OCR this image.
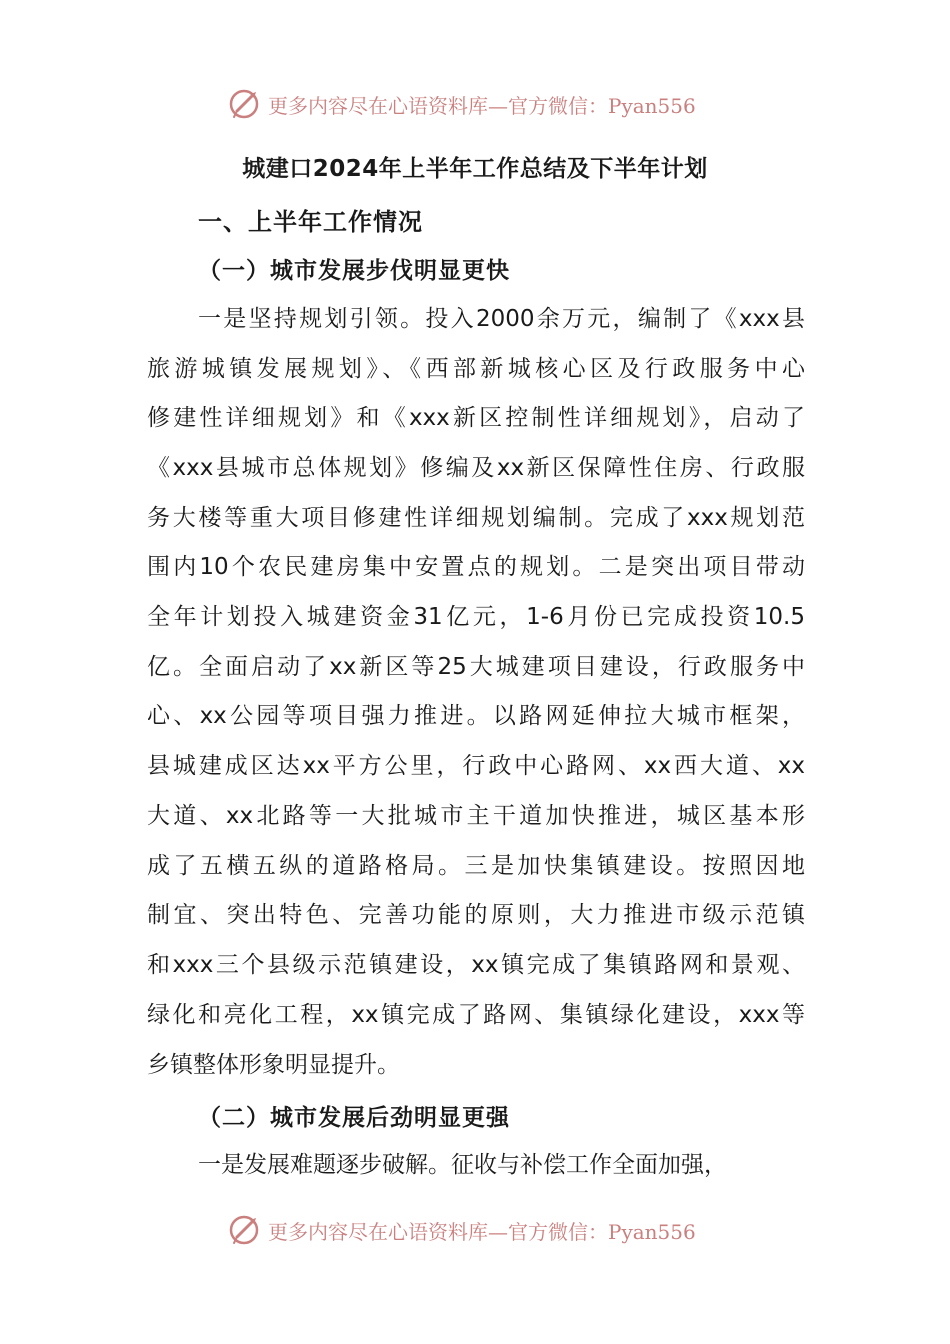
更多内容尽在心语资料库—官方微信：Pyan556
城建口2024年上半年工作总结及下半年计划
一、上半年工作情况
（一）城市发展步伐明显更快
一是坚持规划引领。投入2000余万元，编制了《xxx县
旅游城镇发展规划》、《西部新城核心区及行政服务中心
修建性详细规划》和《xxx新区控制性详细规划》，启动了
《xxx县城市总体规划》修编及xx新区保障性住房、行政服
务大楼等重大项目修建性详细规划编制。完成了xxx规划范
围内10个农民建房集中安置点的规划。二是突出项目带动
全年计划投入城建资金31亿元，1-6月份已完成投资10.5
亿。全面启动了xx新区等25大城建项目建设，行政服务中
心、xx公园等项目强力推进。以路网延伸拉大城市框架，
县城建成区达xx平方公里，行政中心路网、xx西大道、xx
大道、xx北路等一大批城市主干道加快推进，城区基本形
成了五横五纵的道路格局。三是加快集镇建设。按照因地
制宜、突出特色、完善功能的原则，大力推进市级示范镇
和xxx三个县级示范镇建设，xx镇完成了集镇路网和景观、
绿化和亮化工程，xx镇完成了路网、集镇绿化建设，xxx等
乡镇整体形象明显提升。
（二）城市发展后劲明显更强
一是发展难题逐步破解。征收与补偿工作全面加强，
更多内容尽在心语资料库—官方微信：Pyan556
